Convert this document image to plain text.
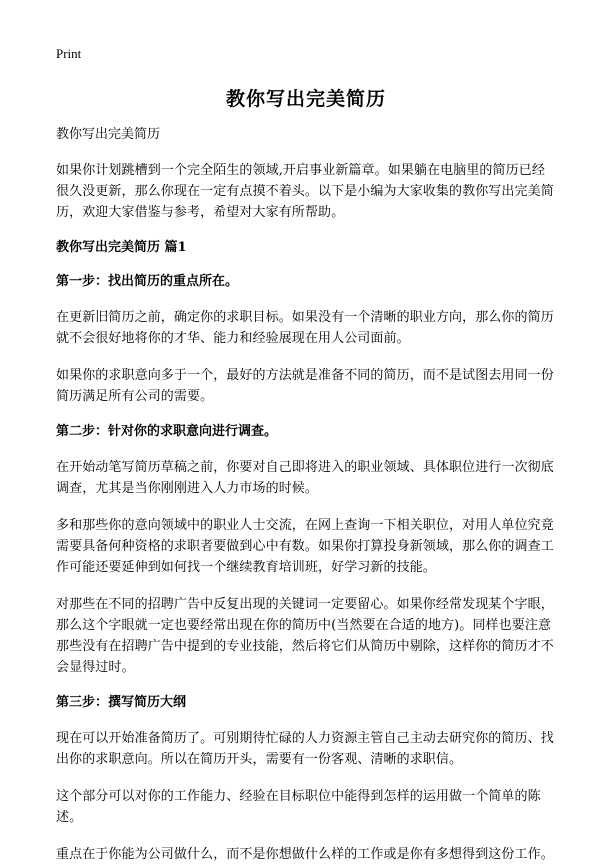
Print

教你写出完美简历

教你写出完美简历

如果你计划跳槽到一个完全陌生的领域,开启事业新篇章。如果躺在电脑里的简历已经很久没更新，那么你现在一定有点摸不着头。以下是小编为大家收集的教你写出完美简历，欢迎大家借鉴与参考，希望对大家有所帮助。

教你写出完美简历 篇1

第一步：找出简历的重点所在。

在更新旧简历之前，确定你的求职目标。如果没有一个清晰的职业方向，那么你的简历就不会很好地将你的才华、能力和经验展现在用人公司面前。

如果你的求职意向多于一个，最好的方法就是准备不同的简历，而不是试图去用同一份简历满足所有公司的需要。

第二步：针对你的求职意向进行调查。

在开始动笔写简历草稿之前，你要对自己即将进入的职业领域、具体职位进行一次彻底调查，尤其是当你刚刚进入人力市场的时候。

多和那些你的意向领域中的职业人士交流，在网上查询一下相关职位，对用人单位究竟需要具备何种资格的求职者要做到心中有数。如果你打算投身新领域，那么你的调查工作可能还要延伸到如何找一个继续教育培训班，好学习新的技能。

对那些在不同的招聘广告中反复出现的关键词一定要留心。如果你经常发现某个字眼，那么这个字眼就一定也要经常出现在你的简历中(当然要在合适的地方)。同样也要注意那些没有在招聘广告中提到的专业技能，然后将它们从简历中剔除，这样你的简历才不会显得过时。

第三步：撰写简历大纲

现在可以开始准备简历了。可别期待忙碌的人力资源主管自己主动去研究你的简历、找出你的求职意向。所以在简历开头，需要有一份客观、清晰的求职信。

这个部分可以对你的工作能力、经验在目标职位中能得到怎样的运用做一个简单的陈述。

重点在于你能为公司做什么，而不是你想做什么样的工作或是你有多想得到这份工作。
